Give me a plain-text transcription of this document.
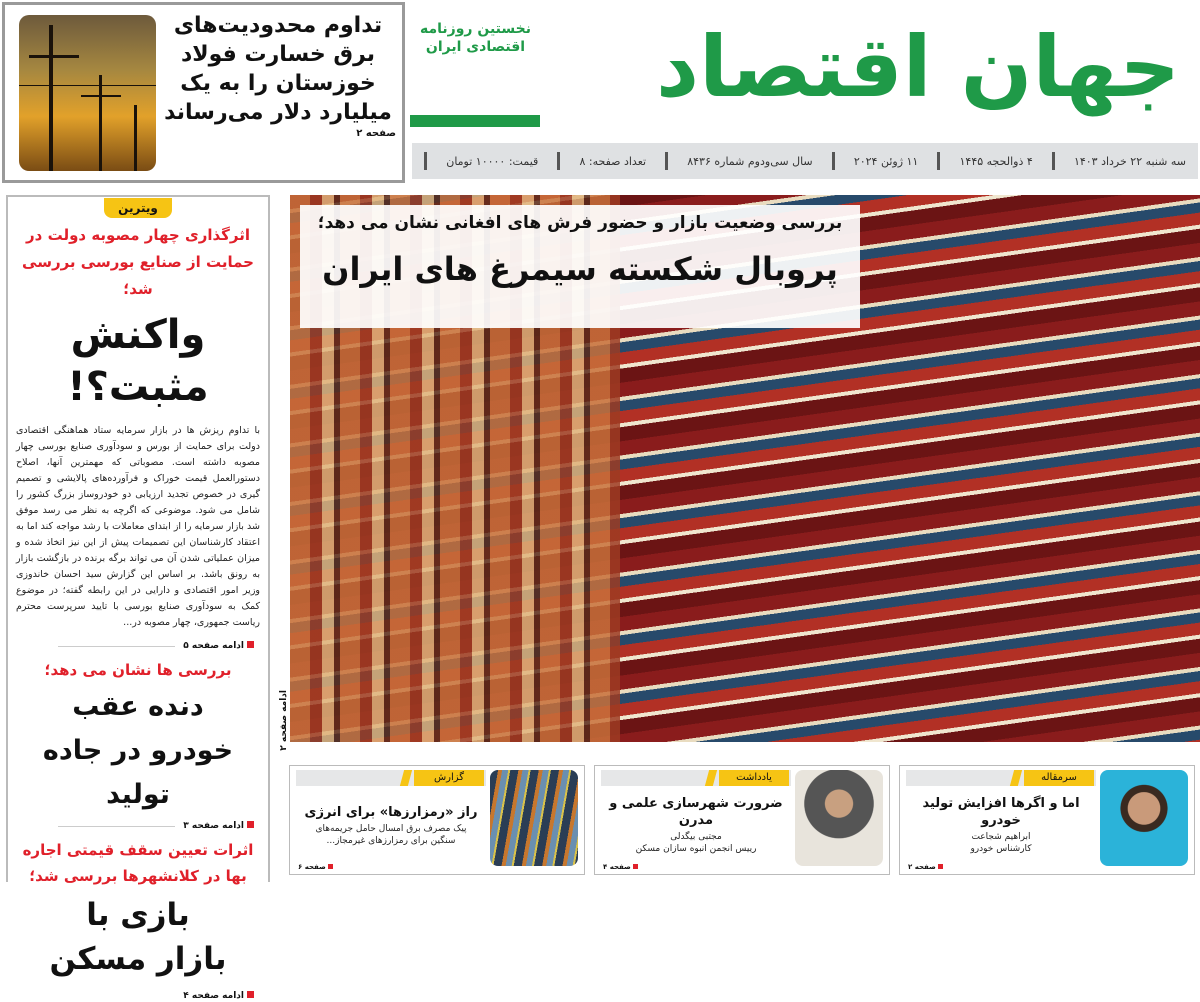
تداوم محدودیت‌های برق خسارت فولاد خوزستان را به یک میلیارد دلار می‌رساند
صفحه ۲
جهان اقتصاد
نخستین روزنامه
اقتصادی ایران
سه شنبه ۲۲ خرداد ۱۴۰۳
۴ ذوالحجه ۱۴۴۵
۱۱ ژوئن ۲۰۲۴
سال سی‌ودوم شماره ۸۴۳۶
تعداد صفحه: ۸
قیمت: ۱۰۰۰۰ تومان
ویترین
اثرگذاری چهار مصوبه دولت در حمایت از صنایع بورسی بررسی شد؛
واکنش مثبت؟!
با تداوم ریزش ها در بازار سرمایه ستاد هماهنگی اقتصادی دولت برای حمایت از بورس و سودآوری صنایع بورسی چهار مصوبه داشته است. مصوباتی که مهمترین آنها، اصلاح دستورالعمل قیمت خوراک و فرآورده‌های پالایشی و تصمیم گیری در خصوص تجدید ارزیابی دو خودروساز بزرگ کشور را شامل می شود. موضوعی که اگرچه به نظر می رسد موفق شد بازار سرمایه را از ابتدای معاملات با رشد مواجه کند اما به اعتقاد کارشناسان این تصمیمات پیش از این نیز اتخاذ شده و میزان عملیاتی شدن آن می تواند برگه برنده در بازگشت بازار به رونق باشد. بر اساس این گزارش سید احسان خاندوزی وزیر امور اقتصادی و دارایی در این رابطه گفته؛ در موضوع کمک به سودآوری صنایع بورسی با تایید سرپرست محترم ریاست جمهوری، چهار مصوبه در...
ادامه صفحه ۵
بررسی ها نشان می دهد؛
دنده عقب خودرو در جاده تولید
ادامه صفحه ۳
اثرات تعیین سقف قیمتی اجاره بها در کلانشهرها بررسی شد؛
بازی با بازار مسکن
ادامه صفحه ۴
بررسی وضعیت بازار و حضور فرش های افغانی نشان می دهد؛
پروبال شکسته سیمرغ های ایران
ادامه صفحه ۲
سرمقاله
اما و اگرها افزایش تولید خودرو
ابراهیم شجاعت
کارشناس خودرو
صفحه ۲
یادداشت
ضرورت شهرسازی علمی و مدرن
مجتبی بیگدلی
رییس انجمن انبوه سازان مسکن
صفحه ۴
گزارش
راز «رمزارزها» برای انرژی
پیک مصرف برق امسال حامل جریمه‌های سنگین برای رمزارزهای غیرمجاز...
صفحه ۶
